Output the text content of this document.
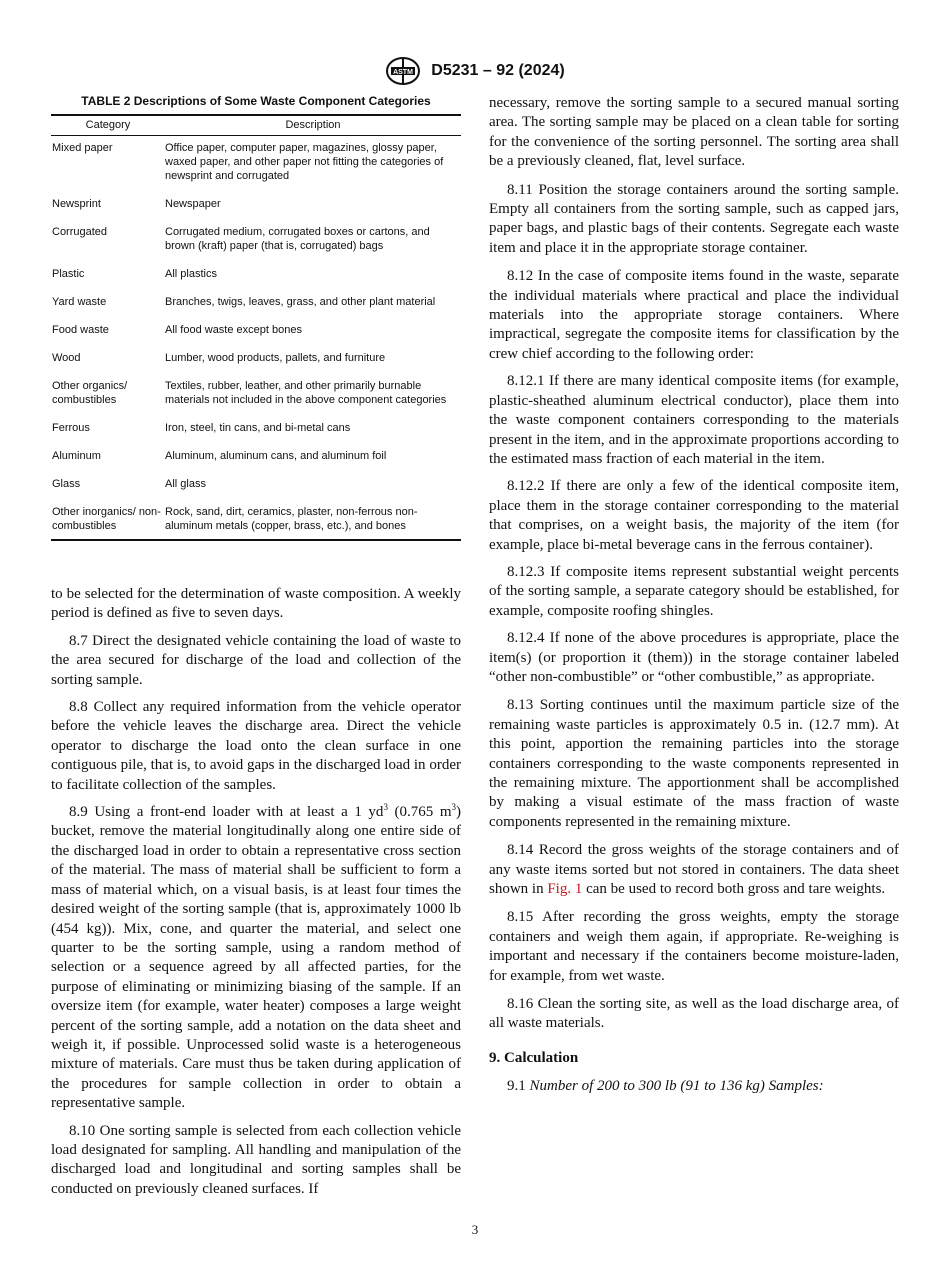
ASTM D5231 – 92 (2024)
TABLE 2 Descriptions of Some Waste Component Categories
Category	Description
Mixed paper	Office paper, computer paper, magazines, glossy paper, waxed paper, and other paper not fitting the categories of newsprint and corrugated
Newsprint	Newspaper
Corrugated	Corrugated medium, corrugated boxes or cartons, and brown (kraft) paper (that is, corrugated) bags
Plastic	All plastics
Yard waste	Branches, twigs, leaves, grass, and other plant material
Food waste	All food waste except bones
Wood	Lumber, wood products, pallets, and furniture
Other organics/ combustibles	Textiles, rubber, leather, and other primarily burnable materials not included in the above component categories
Ferrous	Iron, steel, tin cans, and bi-metal cans
Aluminum	Aluminum, aluminum cans, and aluminum foil
Glass	All glass
Other inorganics/ non-combustibles	Rock, sand, dirt, ceramics, plaster, non-ferrous non-aluminum metals (copper, brass, etc.), and bones

to be selected for the determination of waste composition. A weekly period is defined as five to seven days.

8.7 Direct the designated vehicle containing the load of waste to the area secured for discharge of the load and collection of the sorting sample.

8.8 Collect any required information from the vehicle operator before the vehicle leaves the discharge area. Direct the vehicle operator to discharge the load onto the clean surface in one contiguous pile, that is, to avoid gaps in the discharged load in order to facilitate collection of the samples.

8.9 Using a front-end loader with at least a 1 $yd^3$ (0.765 $m^3$) bucket, remove the material longitudinally along one entire side of the discharged load in order to obtain a representative cross section of the material. The mass of material shall be sufficient to form a mass of material which, on a visual basis, is at least four times the desired weight of the sorting sample (that is, approximately 1000 lb (454 kg)). Mix, cone, and quarter the material, and select one quarter to be the sorting sample, using a random method of selection or a sequence agreed by all affected parties, for the purpose of eliminating or minimizing biasing of the sample. If an oversize item (for example, water heater) composes a large weight percent of the sorting sample, add a notation on the data sheet and weigh it, if possible. Unprocessed solid waste is a heterogeneous mixture of materials. Care must thus be taken during application of the procedures for sample collection in order to obtain a representative sample.

8.10 One sorting sample is selected from each collection vehicle load designated for sampling. All handling and manipulation of the discharged load and longitudinal and sorting samples shall be conducted on previously cleaned surfaces. If

necessary, remove the sorting sample to a secured manual sorting area. The sorting sample may be placed on a clean table for sorting for the convenience of the sorting personnel. The sorting area shall be a previously cleaned, flat, level surface.

8.11 Position the storage containers around the sorting sample. Empty all containers from the sorting sample, such as capped jars, paper bags, and plastic bags of their contents. Segregate each waste item and place it in the appropriate storage container.

8.12 In the case of composite items found in the waste, separate the individual materials where practical and place the individual materials into the appropriate storage containers. Where impractical, segregate the composite items for classification by the crew chief according to the following order:

8.12.1 If there are many identical composite items (for example, plastic-sheathed aluminum electrical conductor), place them into the waste component containers corresponding to the materials present in the item, and in the approximate proportions according to the estimated mass fraction of each material in the item.

8.12.2 If there are only a few of the identical composite item, place them in the storage container corresponding to the material that comprises, on a weight basis, the majority of the item (for example, place bi-metal beverage cans in the ferrous container).

8.12.3 If composite items represent substantial weight percents of the sorting sample, a separate category should be established, for example, composite roofing shingles.

8.12.4 If none of the above procedures is appropriate, place the item(s) (or proportion it (them)) in the storage container labeled “other non-combustible” or “other combustible,” as appropriate.

8.13 Sorting continues until the maximum particle size of the remaining waste particles is approximately 0.5 in. (12.7 mm). At this point, apportion the remaining particles into the storage containers corresponding to the waste components represented in the remaining mixture. The apportionment shall be accomplished by making a visual estimate of the mass fraction of waste components represented in the remaining mixture.

8.14 Record the gross weights of the storage containers and of any waste items sorted but not stored in containers. The data sheet shown in Fig. 1 can be used to record both gross and tare weights.

8.15 After recording the gross weights, empty the storage containers and weigh them again, if appropriate. Re-weighing is important and necessary if the containers become moisture-laden, for example, from wet waste.

8.16 Clean the sorting site, as well as the load discharge area, of all waste materials.

9. Calculation

9.1 Number of 200 to 300 lb (91 to 136 kg) Samples:

3
